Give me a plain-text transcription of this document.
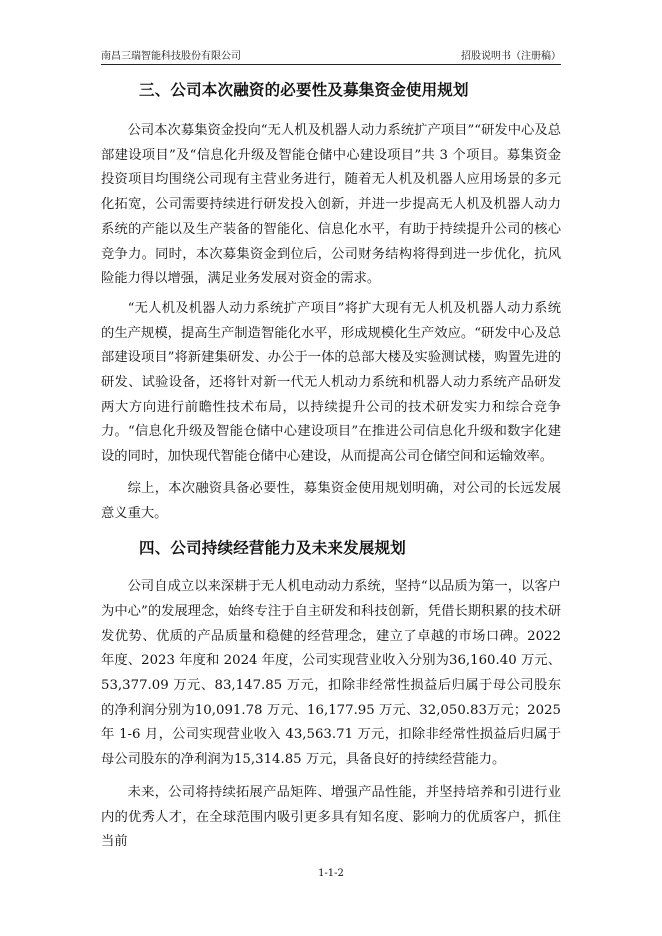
南昌三瑞智能科技股份有限公司	招股说明书（注册稿）
三、公司本次融资的必要性及募集资金使用规划

公司本次募集资金投向“无人机及机器人动力系统扩产项目”“研发中心及总部建设项目”及“信息化升级及智能仓储中心建设项目”共 3 个项目。募集资金投资项目均围绕公司现有主营业务进行，随着无人机及机器人应用场景的多元化拓宽，公司需要持续进行研发投入创新，并进一步提高无人机及机器人动力系统的产能以及生产装备的智能化、信息化水平，有助于持续提升公司的核心竞争力。同时，本次募集资金到位后，公司财务结构将得到进一步优化，抗风险能力得以增强，满足业务发展对资金的需求。

“无人机及机器人动力系统扩产项目”将扩大现有无人机及机器人动力系统的生产规模，提高生产制造智能化水平，形成规模化生产效应。“研发中心及总部建设项目”将新建集研发、办公于一体的总部大楼及实验测试楼，购置先进的研发、试验设备，还将针对新一代无人机动力系统和机器人动力系统产品研发两大方向进行前瞻性技术布局，以持续提升公司的技术研发实力和综合竞争力。“信息化升级及智能仓储中心建设项目”在推进公司信息化升级和数字化建设的同时，加快现代智能仓储中心建设，从而提高公司仓储空间和运输效率。

综上，本次融资具备必要性，募集资金使用规划明确，对公司的长远发展意义重大。

四、公司持续经营能力及未来发展规划

公司自成立以来深耕于无人机电动动力系统，坚持“以品质为第一，以客户为中心”的发展理念，始终专注于自主研发和科技创新，凭借长期积累的技术研发优势、优质的产品质量和稳健的经营理念，建立了卓越的市场口碑。2022 年度、2023 年度和 2024 年度，公司实现营业收入分别为36,160.40 万元、53,377.09 万元、83,147.85 万元，扣除非经常性损益后归属于母公司股东的净利润分别为10,091.78 万元、16,177.95 万元、32,050.83万元；2025 年 1-6 月，公司实现营业收入 43,563.71 万元，扣除非经常性损益后归属于母公司股东的净利润为15,314.85 万元，具备良好的持续经营能力。

未来，公司将持续拓展产品矩阵、增强产品性能，并坚持培养和引进行业内的优秀人才，在全球范围内吸引更多具有知名度、影响力的优质客户，抓住当前

1-1-2
